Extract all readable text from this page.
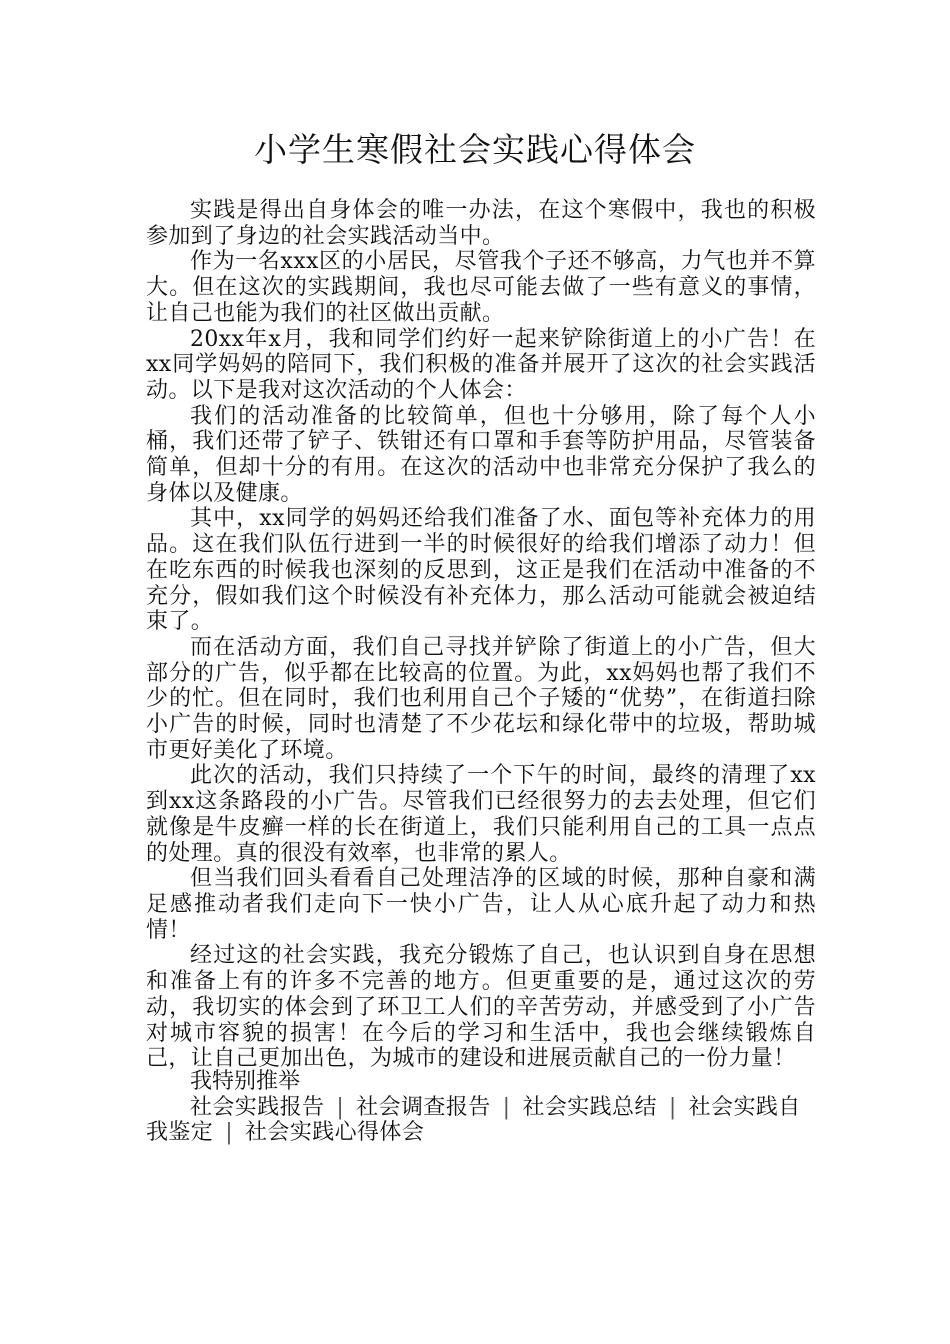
小学生寒假社会实践心得体会

实践是得出自身体会的唯一办法，在这个寒假中，我也的积极参加到了身边的社会实践活动当中。

作为一名xxx区的小居民，尽管我个子还不够高，力气也并不算大。但在这次的实践期间，我也尽可能去做了一些有意义的事情，让自己也能为我们的社区做出贡献。

20xx年x月，我和同学们约好一起来铲除街道上的小广告！在xx同学妈妈的陪同下，我们积极的准备并展开了这次的社会实践活动。以下是我对这次活动的个人体会：

我们的活动准备的比较简单，但也十分够用，除了每个人小桶，我们还带了铲子、铁钳还有口罩和手套等防护用品，尽管装备简单，但却十分的有用。在这次的活动中也非常充分保护了我么的身体以及健康。

其中，xx同学的妈妈还给我们准备了水、面包等补充体力的用品。这在我们队伍行进到一半的时候很好的给我们增添了动力！但在吃东西的时候我也深刻的反思到，这正是我们在活动中准备的不充分，假如我们这个时候没有补充体力，那么活动可能就会被迫结束了。

而在活动方面，我们自己寻找并铲除了街道上的小广告，但大部分的广告，似乎都在比较高的位置。为此，xx妈妈也帮了我们不少的忙。但在同时，我们也利用自己个子矮的“优势”，在街道扫除小广告的时候，同时也清楚了不少花坛和绿化带中的垃圾，帮助城市更好美化了环境。

此次的活动，我们只持续了一个下午的时间，最终的清理了xx到xx这条路段的小广告。尽管我们已经很努力的去去处理，但它们就像是牛皮癣一样的长在街道上，我们只能利用自己的工具一点点的处理。真的很没有效率，也非常的累人。

但当我们回头看看自己处理洁净的区域的时候，那种自豪和满足感推动者我们走向下一快小广告，让人从心底升起了动力和热情！

经过这的社会实践，我充分锻炼了自己，也认识到自身在思想和准备上有的许多不完善的地方。但更重要的是，通过这次的劳动，我切实的体会到了环卫工人们的辛苦劳动，并感受到了小广告对城市容貌的损害！在今后的学习和生活中，我也会继续锻炼自己，让自己更加出色，为城市的建设和进展贡献自己的一份力量！

我特别推举

社会实践报告 | 社会调查报告 | 社会实践总结 | 社会实践自我鉴定 | 社会实践心得体会
